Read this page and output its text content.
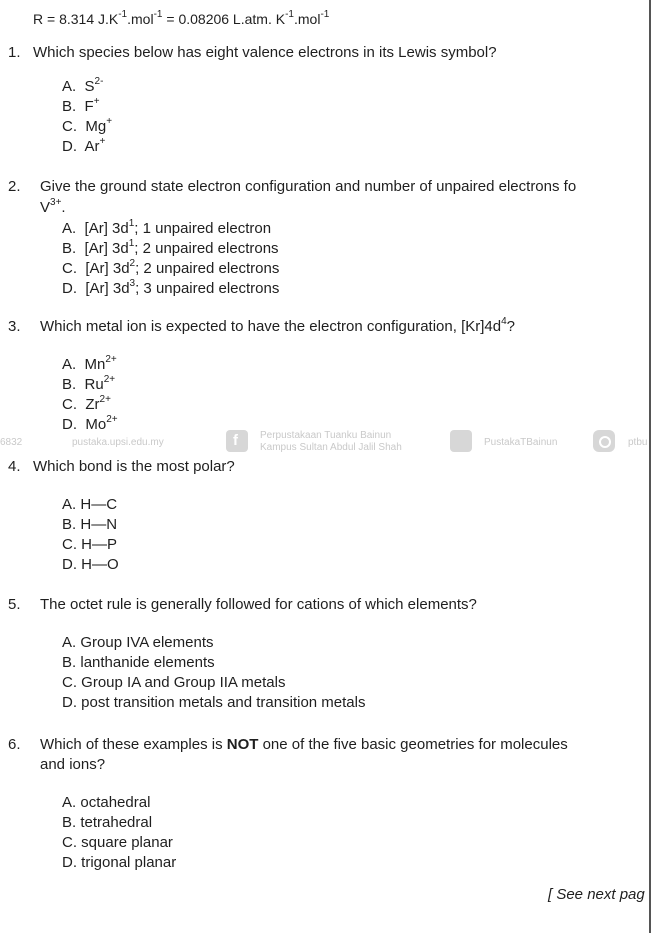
R = 8.314 $J.K^{-1}.mol^{-1} = 0.08206$ L.atm. $K^{-1}.mol^{-1}$
1. Which species below has eight valence electrons in its Lewis symbol?
A. $S^{2-}$
B. F+
C. Mg+
D. Ar+
2. Give the ground state electron configuration and number of unpaired electrons fo
$V^{3+}$.
A. [Ar] $3d^1$; 1 unpaired electron
B. [Ar] $3d^1$; 2 unpaired electrons
C. [Ar] $3d^2$; 2 unpaired electrons
D. [Ar] $3d^3$; 3 unpaired electrons
3. Which metal ion is expected to have the electron configuration, $[Kr]4d^4$?
A. $Mn^{2+}$
B. $Ru^{2+}$
C. $Zr^{2+}$
D. $Mo^{2+}$
6832	pustaka.upsi.edu.my	f Perpustakaan Tuanku Bainun
Kampus Sultan Abdul Jalil Shah	PustakaTBainun	ptbu
4. Which bond is the most polar?
A. H—C
B. H—N
C. H—P
D. H—O
5. The octet rule is generally followed for cations of which elements?
A. Group IVA elements
B. lanthanide elements
C. Group IA and Group IIA metals
D. post transition metals and transition metals
6. Which of these examples is NOT one of the five basic geometries for molecules
and ions?
A. octahedral
B. tetrahedral
C. square planar
D. trigonal planar
[ See next pag
